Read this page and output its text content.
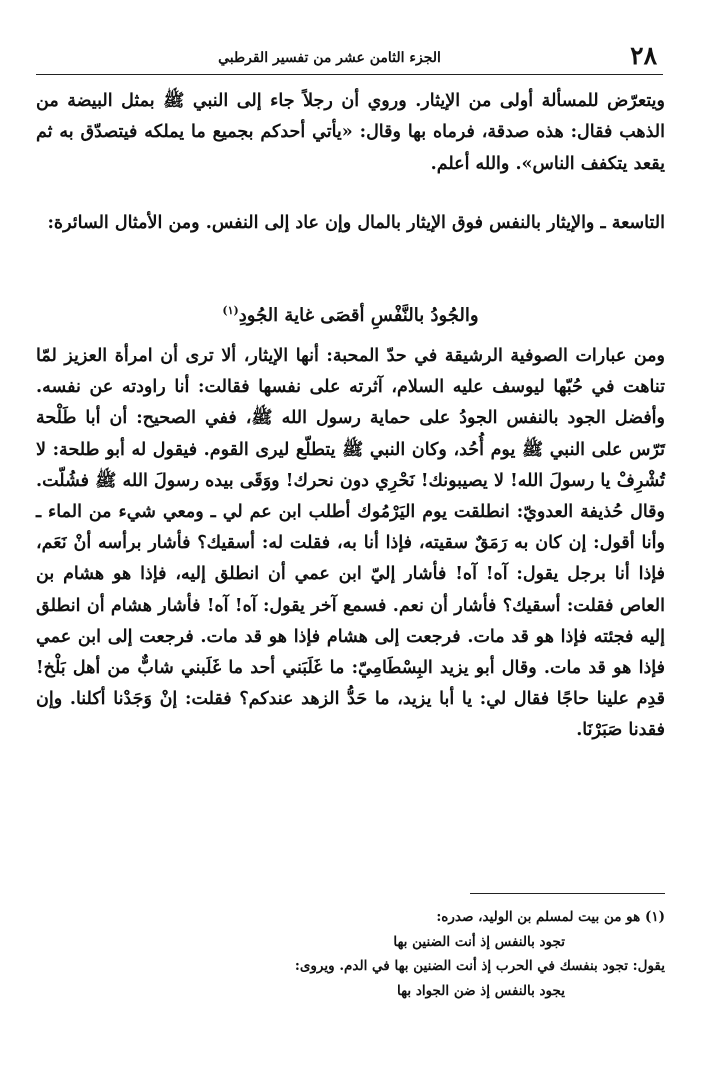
٢٨
الجزء الثامن عشر من تفسير القرطبي
ويتعرّض للمسألة أولى من الإيثار. وروي أن رجلاً جاء إلى النبي ﷺ بمثل البيضة من الذهب فقال: هذه صدقة، فرماه بها وقال: «يأتي أحدكم بجميع ما يملكه فيتصدّق به ثم يقعد يتكفف الناس». والله أعلم.
التاسعة ـ والإيثار بالنفس فوق الإيثار بالمال وإن عاد إلى النفس. ومن الأمثال السائرة:
والجُودُ بالنَّفْسِ أقصَى غاية الجُودِ$^{(١)}$
ومن عبارات الصوفية الرشيقة في حدّ المحبة: أنها الإيثار، ألا ترى أن امرأة العزيز لمّا تناهت في حُبّها ليوسف عليه السلام، آثرته على نفسها فقالت: أنا راودته عن نفسه. وأفضل الجود بالنفس الجودُ على حماية رسول الله ﷺ، ففي الصحيح: أن أبا طَلْحة تَرّس على النبي ﷺ يوم أُحُد، وكان النبي ﷺ يتطلّع ليرى القوم. فيقول له أبو طلحة: لا تُشْرِفْ يا رسولَ الله! لا يصيبونك! نَحْرِي دون نحرك! ووَقَى بيده رسولَ الله ﷺ فشُلّت. وقال حُذيفة العدويّ: انطلقت يوم اليَرْمُوك أطلب ابن عم لي ـ ومعي شيء من الماء ـ وأنا أقول: إن كان به رَمَقٌ سقيته، فإذا أنا به، فقلت له: أسقيك؟ فأشار برأسه أنْ نَعَم، فإذا أنا برجل يقول: آه! آه! فأشار إليّ ابن عمي أن انطلق إليه، فإذا هو هشام بن العاص فقلت: أسقيك؟ فأشار أن نعم. فسمع آخر يقول: آه! آه! فأشار هشام أن انطلق إليه فجئته فإذا هو قد مات. فرجعت إلى هشام فإذا هو قد مات. فرجعت إلى ابن عمي فإذا هو قد مات. وقال أبو يزيد البِسْطَامِيّ: ما غَلَبَني أحد ما غَلَبني شابٌّ من أهل بَلْخ! قدِم علينا حاجًا فقال لي: يا أبا يزيد، ما حَدُّ الزهد عندكم؟ فقلت: إنْ وَجَدْنا أكلنا. وإن فقدنا صَبَرْنَا.
(١) هو من بيت لمسلم بن الوليد، صدره:
تجود بالنفس إذ أنت الضنين بها
يقول: تجود بنفسك في الحرب إذ أنت الضنين بها في الدم. ويروى:
يجود بالنفس إذ ضن الجواد بها
